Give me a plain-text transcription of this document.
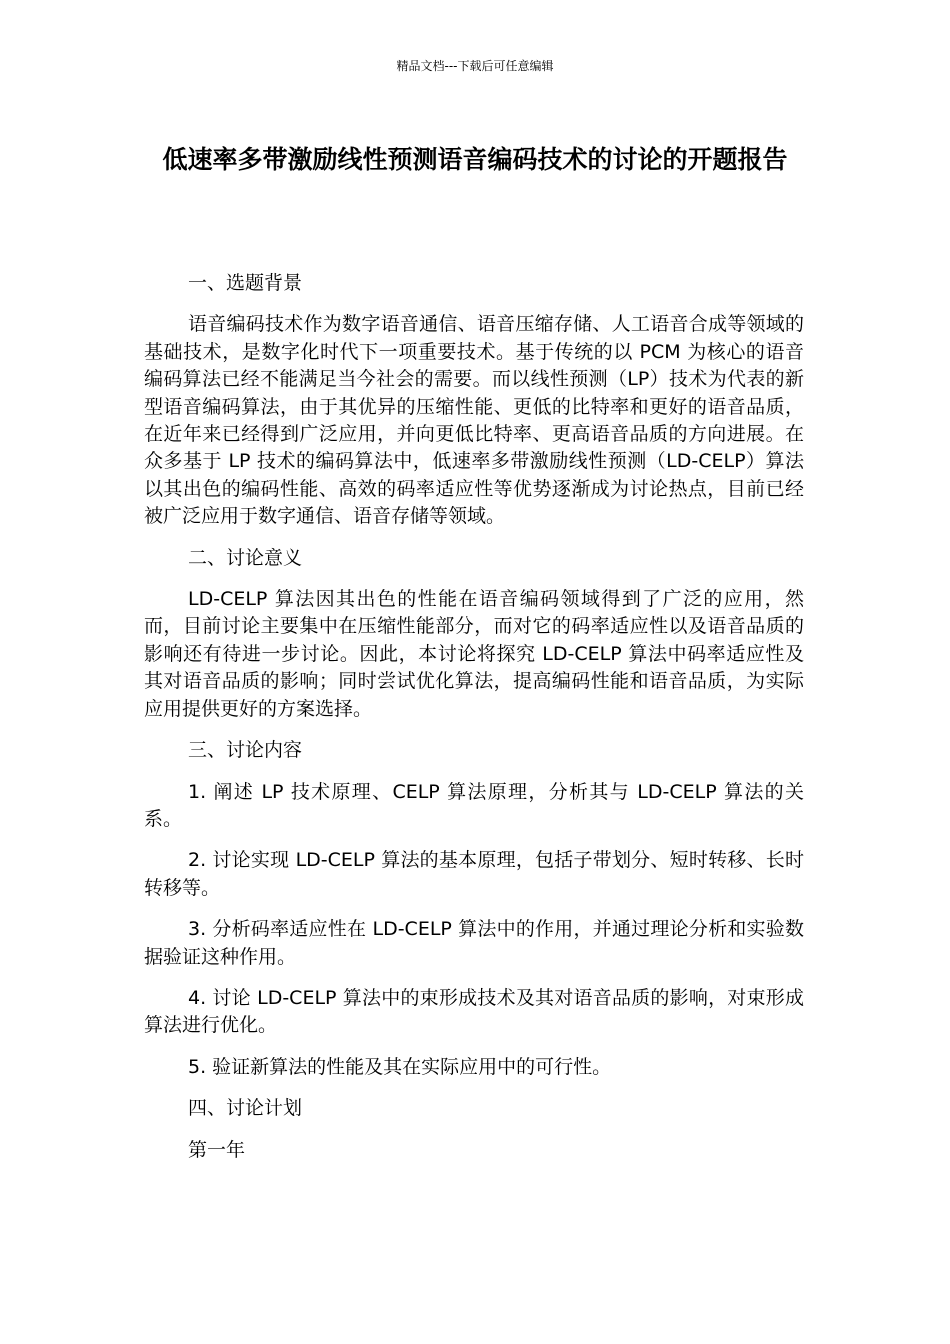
精品文档---下载后可任意编辑
低速率多带激励线性预测语音编码技术的讨论的开题报告

一、选题背景

语音编码技术作为数字语音通信、语音压缩存储、人工语音合成等领域的基础技术，是数字化时代下一项重要技术。基于传统的以 PCM 为核心的语音编码算法已经不能满足当今社会的需要。而以线性预测（LP）技术为代表的新型语音编码算法，由于其优异的压缩性能、更低的比特率和更好的语音品质，在近年来已经得到广泛应用，并向更低比特率、更高语音品质的方向进展。在众多基于 LP 技术的编码算法中，低速率多带激励线性预测（LD-CELP）算法以其出色的编码性能、高效的码率适应性等优势逐渐成为讨论热点，目前已经被广泛应用于数字通信、语音存储等领域。

二、讨论意义

LD-CELP 算法因其出色的性能在语音编码领域得到了广泛的应用，然而，目前讨论主要集中在压缩性能部分，而对它的码率适应性以及语音品质的影响还有待进一步讨论。因此，本讨论将探究 LD-CELP 算法中码率适应性及其对语音品质的影响；同时尝试优化算法，提高编码性能和语音品质，为实际应用提供更好的方案选择。

三、讨论内容

1. 阐述 LP 技术原理、CELP 算法原理，分析其与 LD-CELP 算法的关系。

2. 讨论实现 LD-CELP 算法的基本原理，包括子带划分、短时转移、长时转移等。

3. 分析码率适应性在 LD-CELP 算法中的作用，并通过理论分析和实验数据验证这种作用。

4. 讨论 LD-CELP 算法中的束形成技术及其对语音品质的影响，对束形成算法进行优化。

5. 验证新算法的性能及其在实际应用中的可行性。

四、讨论计划

第一年
